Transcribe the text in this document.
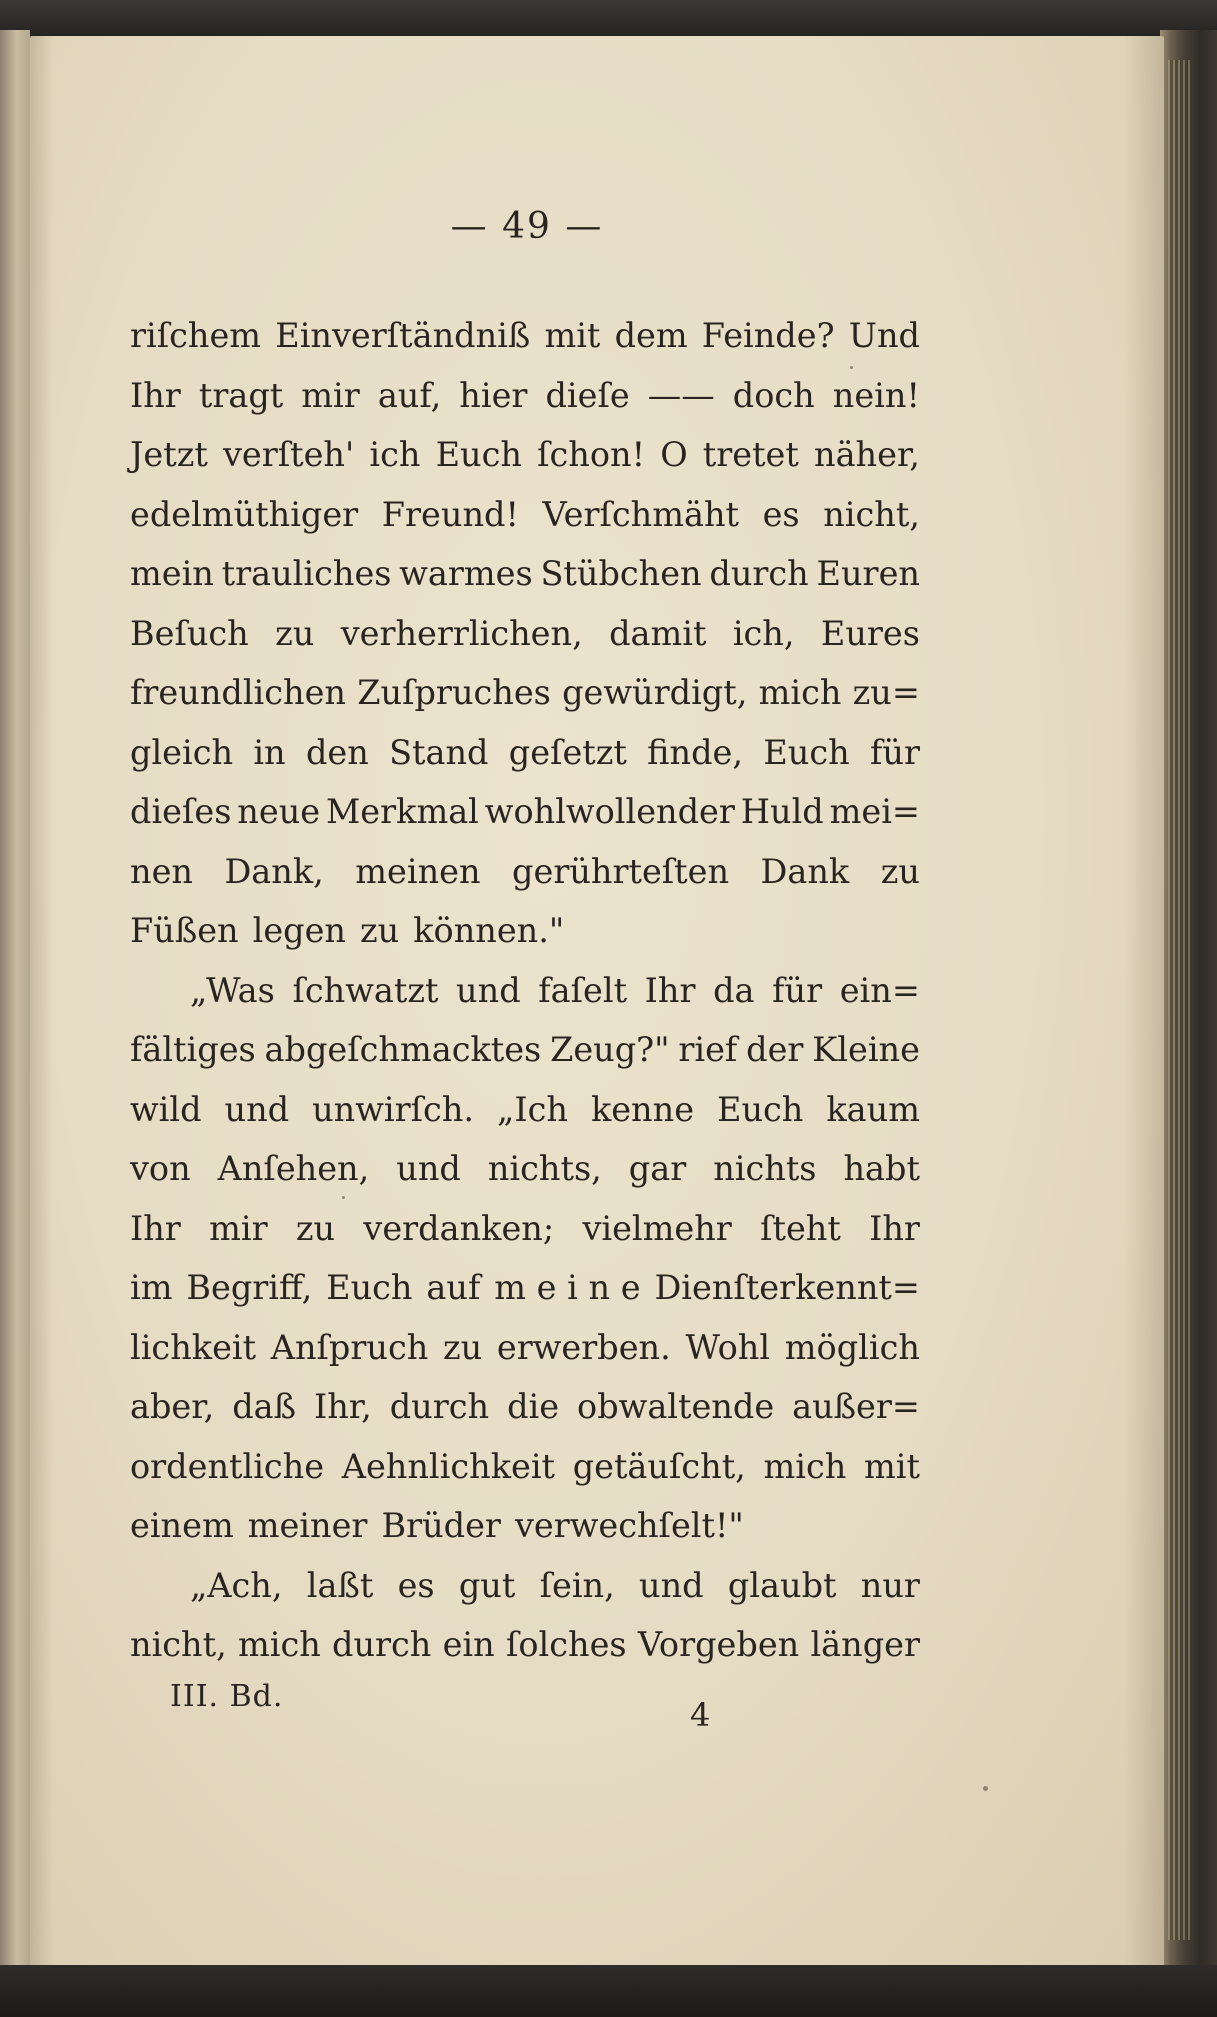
— 49 —
riſchem Einverſtändniß mit dem Feinde? Und
Ihr tragt mir auf, hier dieſe —— doch nein!
Jetzt verſteh' ich Euch ſchon! O tretet näher,
edelmüthiger Freund! Verſchmäht es nicht,
mein trauliches warmes Stübchen durch Euren
Beſuch zu verherrlichen, damit ich, Eures
freundlichen Zuſpruches gewürdigt, mich zu=
gleich in den Stand geſetzt finde, Euch für
dieſes neue Merkmal wohlwollender Huld mei=
nen Dank, meinen gerührteſten Dank zu
Füßen legen zu können."
„Was ſchwatzt und faſelt Ihr da für ein=
fältiges abgeſchmacktes Zeug?" rief der Kleine
wild und unwirſch. „Ich kenne Euch kaum
von Anſehen, und nichts, gar nichts habt
Ihr mir zu verdanken; vielmehr ſteht Ihr
im Begriff, Euch auf m e i n e Dienſterkennt=
lichkeit Anſpruch zu erwerben. Wohl möglich
aber, daß Ihr, durch die obwaltende außer=
ordentliche Aehnlichkeit getäuſcht, mich mit
einem meiner Brüder verwechſelt!"
„Ach, laßt es gut ſein, und glaubt nur
nicht, mich durch ein ſolches Vorgeben länger
III. Bd.	4
